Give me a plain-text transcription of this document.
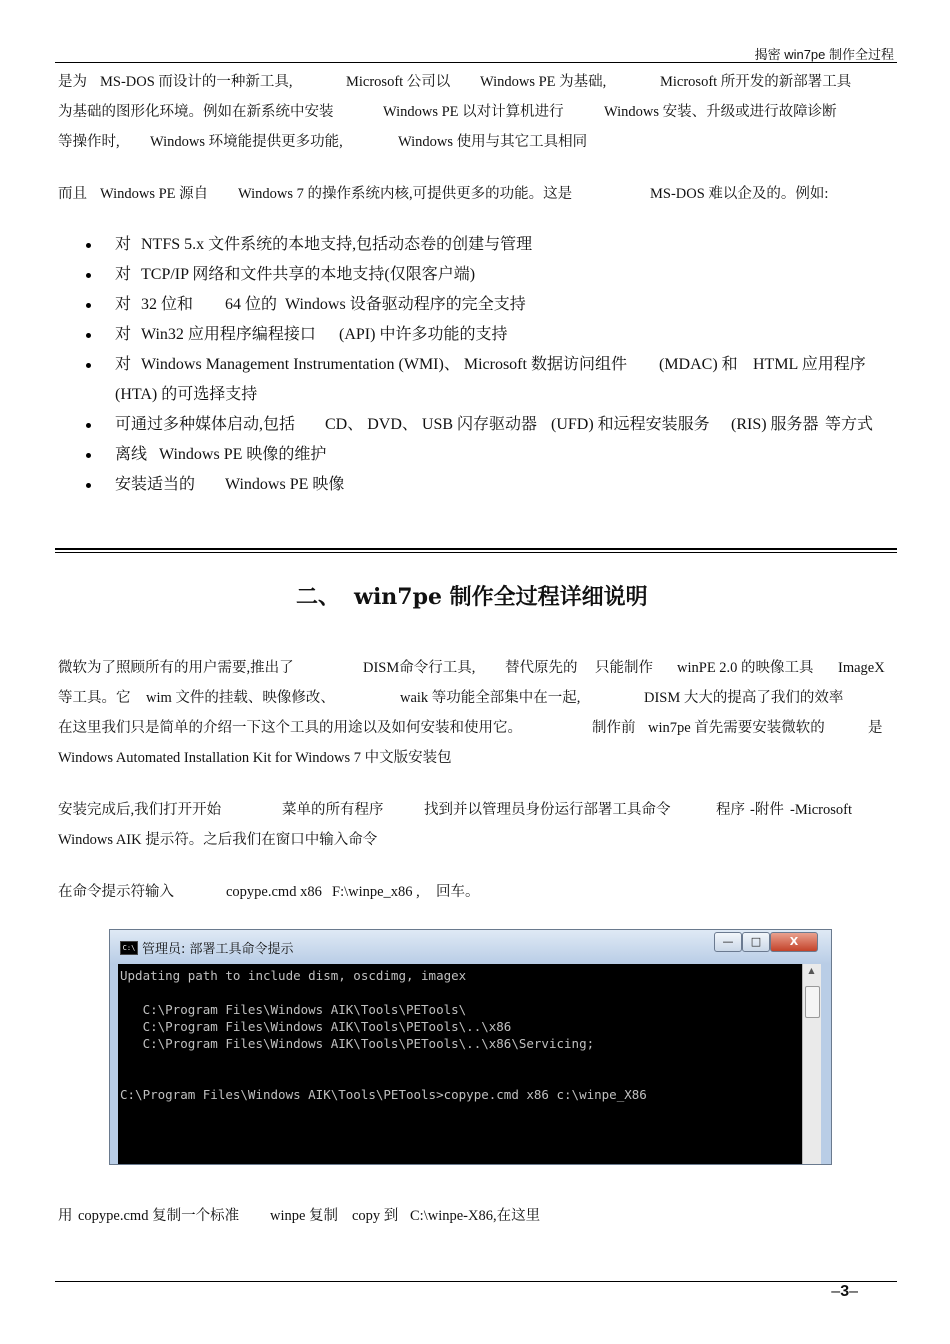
揭密 win7pe 制作全过程
是为 MS-DOS 而设计的一种新工具,	Microsoft 公司以 Windows PE 为基础,	Microsoft 所开发的新部署工具
为基础的图形化环境。例如在新系统中安装	Windows PE 以对计算机进行	Windows 安装、升级或进行故障诊断
等操作时, Windows 环境能提供更多功能,	Windows 使用与其它工具相同
而且 Windows PE 源自 Windows 7 的操作系统内核,可提供更多的功能。这是	MS-DOS 难以企及的。例如:
对 NTFS 5.x 文件系统的本地支持,包括动态卷的创建与管理
对 TCP/IP 网络和文件共享的本地支持(仅限客户端)
对 32 位和 64 位的 Windows 设备驱动程序的完全支持
对 Win32 应用程序编程接口 (API) 中许多功能的支持
对 Windows Management Instrumentation (WMI)、 Microsoft 数据访问组件 (MDAC) 和 HTML 应用程序
(HTA) 的可选择支持
可通过多种媒体启动,包括 CD、 DVD、 USB 闪存驱动器 (UFD) 和远程安装服务 (RIS) 服务器 等方式
离线 Windows PE 映像的维护
安装适当的 Windows PE 映像
二、 win7pe 制作全过程详细说明
微软为了照顾所有的用户需要,推出了	DISM命令行工具, 替代原先的 只能制作 winPE 2.0 的映像工具 ImageX
等工具。它 wim 文件的挂载、映像修改、	waik 等功能全部集中在一起,	DISM 大大的提高了我们的效率
在这里我们只是简单的介绍一下这个工具的用途以及如何安装和使用它。	制作前 win7pe 首先需要安装微软的	是
Windows Automated Installation Kit for Windows 7 中文版安装包
安装完成后,我们打开开始	菜单的所有程序	找到并以管理员身份运行部署工具命令	程序 -附件 -Microsoft
Windows AIK 提示符。之后我们在窗口中输入命令
在命令提示符输入	copype.cmd x86 F:\winpe_x86 , 回车。
C:\ 管理员: 部署工具命令提示
—	□	X
Updating path to include dism, oscdimg, imagex
C:\Program Files\Windows AIK\Tools\PETools\
C:\Program Files\Windows AIK\Tools\PETools\..\x86
C:\Program Files\Windows AIK\Tools\PETools\..\x86\Servicing;
C:\Program Files\Windows AIK\Tools\PETools>copype.cmd x86 c:\winpe_X86
▲
用 copype.cmd 复制一个标准 winpe 复制 copy 到 C:\winpe-X86,在这里
–3–
